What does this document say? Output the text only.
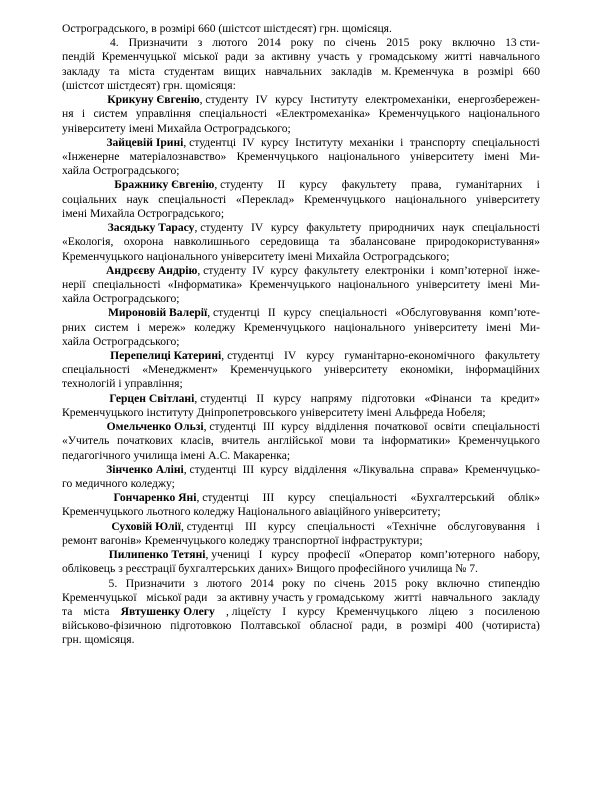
Остроградського, в розмірі 660 (шістсот шістдесят) грн. щомісяця.
4. Призначити з лютого 2014 року по січень 2015 року включно 13 сти-
пендій Кременчуцької міської ради за активну участь у громадському житті навчального
закладу та міста студентам вищих навчальних закладів м. Кременчука в розмірі 660
(шістсот шістдесят) грн. щомісяця:
Крикуну Євгенію, студенту IV курсу Інституту електромеханіки, енергозбережен-
ня і систем управління спеціальності «Електромеханіка» Кременчуцького національного
університету імені Михайла Остроградського;
Зайцевій Ірині, студентці IV курсу Інституту механіки і транспорту спеціальності
«Інженерне матеріалознавство» Кременчуцького національного університету імені Ми-
хайла Остроградського;
Бражнику Євгенію, студенту II курсу факультету права, гуманітарних і
соціальних наук спеціальності «Переклад» Кременчуцького національного університету
імені Михайла Остроградського;
Засядьку Тарасу, студенту IV курсу факультету природничих наук спеціальності
«Екологія, охорона навколишнього середовища та збалансоване природокористування»
Кременчуцького національного університету імені Михайла Остроградського;
Андрєєву Андрію, студенту IV курсу факультету електроніки і комп’ютерної інже-
нерії спеціальності «Інформатика» Кременчуцького національного університету імені Ми-
хайла Остроградського;
Мироновій Валерії, студентці II курсу спеціальності «Обслуговування комп’юте-
рних систем і мереж» коледжу Кременчуцького національного університету імені Ми-
хайла Остроградського;
Перепелиці Катерині, студентці IV курсу гуманітарно-економічного факультету
спеціальності «Менеджмент» Кременчуцького університету економіки, інформаційних
технологій і управління;
Герцен Світлані, студентці II курсу напряму підготовки «Фінанси та кредит»
Кременчуцького інституту Дніпропетровського університету імені Альфреда Нобеля;
Омельченко Ользі, студентці III курсу відділення початкової освіти спеціальності
«Учитель початкових класів, вчитель англійської мови та інформатики» Кременчуцького
педагогічного училища імені А.С. Макаренка;
Зінченко Аліні, студентці III курсу відділення «Лікувальна справа» Кременчуцько-
го медичного коледжу;
Гончаренко Яні, студентці III курсу спеціальності «Бухгалтерський облік»
Кременчуцького льотного коледжу Національного авіаційного університету;
Суховій Юлії, студентці III курсу спеціальності «Технічне обслуговування і
ремонт вагонів» Кременчуцького коледжу транспортної інфраструктури;
Пилипенко Тетяні, учениці I курсу професії «Оператор комп’ютерного набору,
обліковець з реєстрації бухгалтерських даних» Вищого професійного училища № 7.
5. Призначити з лютого 2014 року по січень 2015 року включно стипендію
Кременчуцької міської ради за активну участь у громадському житті навчального закладу
та міста Явтушенку Олегу , ліцеїсту I курсу Кременчуцького ліцею з посиленою
військово-фізичною підготовкою Полтавської обласної ради, в розмірі 400 (чотириста)
грн. щомісяця.
